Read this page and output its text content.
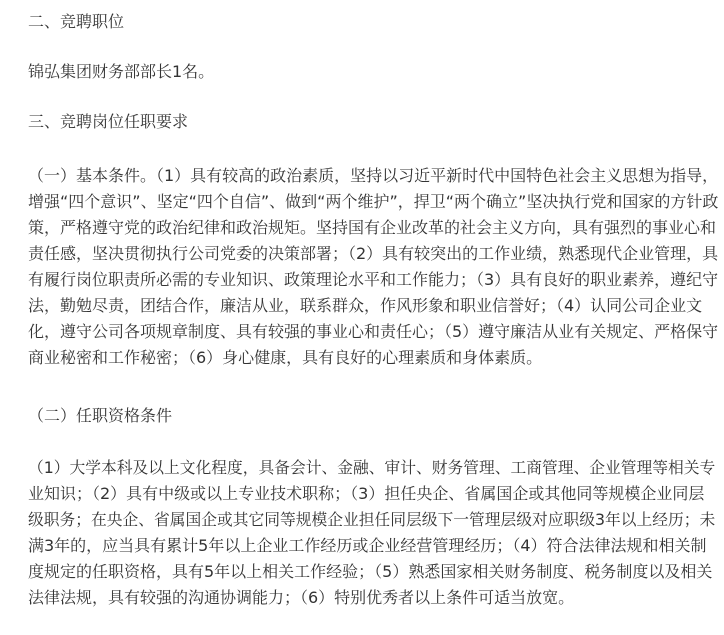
二、竞聘职位
锦弘集团财务部部长1名。
三、竞聘岗位任职要求
（一）基本条件。（1）具有较高的政治素质，坚持以习近平新时代中国特色社会主义思想为指导，
增强“四个意识”、坚定“四个自信”、做到“两个维护”，捍卫“两个确立”坚决执行党和国家的方针政
策，严格遵守党的政治纪律和政治规矩。坚持国有企业改革的社会主义方向，具有强烈的事业心和
责任感，坚决贯彻执行公司党委的决策部署；（2）具有较突出的工作业绩，熟悉现代企业管理，具
有履行岗位职责所必需的专业知识、政策理论水平和工作能力；（3）具有良好的职业素养，遵纪守
法，勤勉尽责，团结合作，廉洁从业，联系群众，作风形象和职业信誉好；（4）认同公司企业文
化，遵守公司各项规章制度、具有较强的事业心和责任心；（5）遵守廉洁从业有关规定、严格保守
商业秘密和工作秘密；（6）身心健康，具有良好的心理素质和身体素质。
（二）任职资格条件
（1）大学本科及以上文化程度，具备会计、金融、审计、财务管理、工商管理、企业管理等相关专
业知识；（2）具有中级或以上专业技术职称；（3）担任央企、省属国企或其他同等规模企业同层
级职务；在央企、省属国企或其它同等规模企业担任同层级下一管理层级对应职级3年以上经历；未
满3年的，应当具有累计5年以上企业工作经历或企业经营管理经历；（4）符合法律法规和相关制
度规定的任职资格，具有5年以上相关工作经验；（5）熟悉国家相关财务制度、税务制度以及相关
法律法规，具有较强的沟通协调能力；（6）特别优秀者以上条件可适当放宽。
